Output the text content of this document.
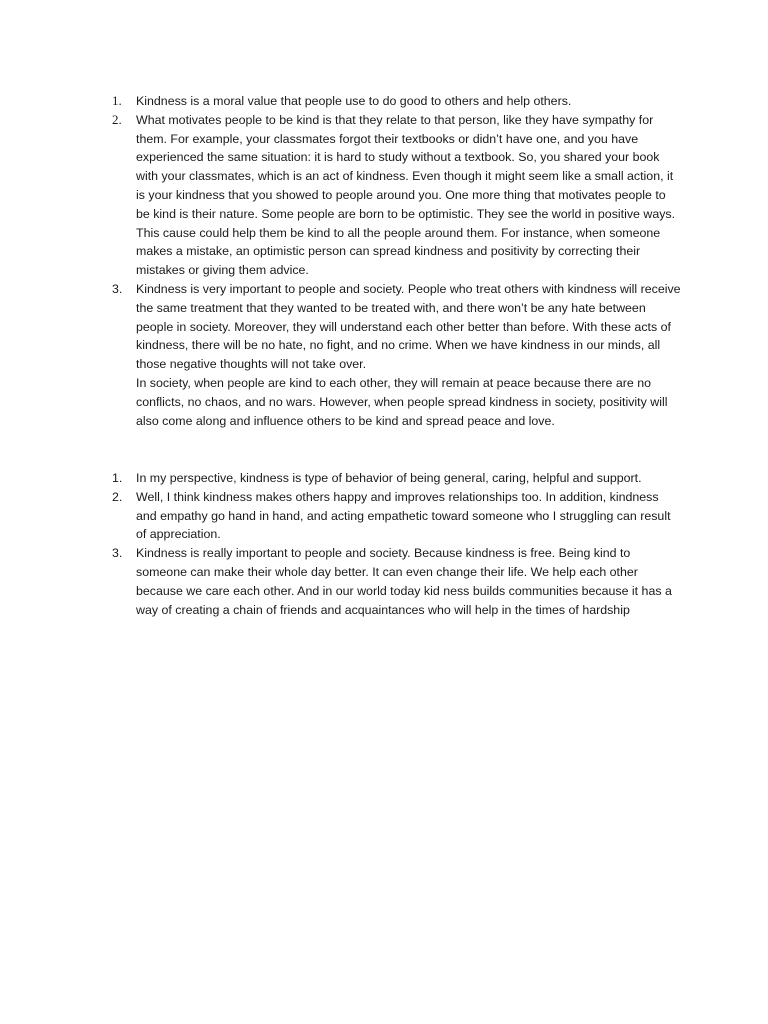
1.	Kindness is a moral value that people use to do good to others and help others.
2.	What motivates people to be kind is that they relate to that person, like they have sympathy for them. For example, your classmates forgot their textbooks or didn’t have one, and you have experienced the same situation: it is hard to study without a textbook. So, you shared your book with your classmates, which is an act of kindness. Even though it might seem like a small action, it is your kindness that you showed to people around you. One more thing that motivates people to be kind is their nature. Some people are born to be optimistic. They see the world in positive ways. This cause could help them be kind to all the people around them. For instance, when someone makes a mistake, an optimistic person can spread kindness and positivity by correcting their mistakes or giving them advice.
3.	Kindness is very important to people and society. People who treat others with kindness will receive the same treatment that they wanted to be treated with, and there won’t be any hate between people in society. Moreover, they will understand each other better than before. With these acts of kindness, there will be no hate, no fight, and no crime. When we have kindness in our minds, all those negative thoughts will not take over.
In society, when people are kind to each other, they will remain at peace because there are no conflicts, no chaos, and no wars. However, when people spread kindness in society, positivity will also come along and influence others to be kind and spread peace and love.
1.	In my perspective, kindness is type of behavior of being general, caring, helpful and support.
2.	Well, I think kindness makes others happy and improves relationships too. In addition, kindness and empathy go hand in hand, and acting empathetic toward someone who I struggling can result of appreciation.
3.	Kindness is really important to people and society. Because kindness is free. Being kind to someone can make their whole day better. It can even change their life. We help each other because we care each other. And in our world today kid ness builds communities because it has a way of creating a chain of friends and acquaintances who will help in the times of hardship
